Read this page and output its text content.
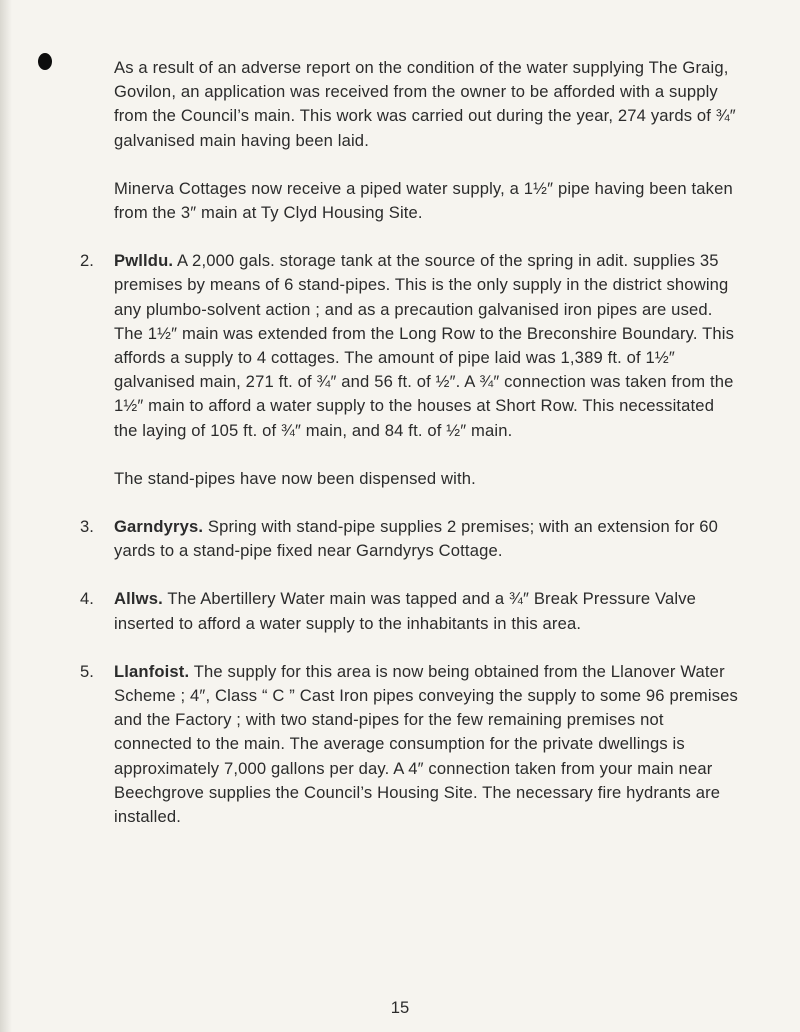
As a result of an adverse report on the condition of the water supplying The Graig, Govilon, an application was received from the owner to be afforded with a supply from the Council’s main. This work was carried out during the year, 274 yards of ¾″ galvanised main having been laid.

Minerva Cottages now receive a piped water supply, a 1½″ pipe having been taken from the 3″ main at Ty Clyd Housing Site.

2. Pwlldu. A 2,000 gals. storage tank at the source of the spring in adit. supplies 35 premises by means of 6 stand-pipes. This is the only supply in the district showing any plumbo-solvent action ; and as a precaution galvanised iron pipes are used. The 1½″ main was extended from the Long Row to the Breconshire Boundary. This affords a supply to 4 cottages. The amount of pipe laid was 1,389 ft. of 1½″ galvanised main, 271 ft. of ¾″ and 56 ft. of ½″. A ¾″ connection was taken from the 1½″ main to afford a water supply to the houses at Short Row. This necessitated the laying of 105 ft. of ¾″ main, and 84 ft. of ½″ main.

The stand-pipes have now been dispensed with.

3. Garndyrys. Spring with stand-pipe supplies 2 premises; with an extension for 60 yards to a stand-pipe fixed near Garndyrys Cottage.

4. Allws. The Abertillery Water main was tapped and a ¾″ Break Pressure Valve inserted to afford a water supply to the inhabitants in this area.

5. Llanfoist. The supply for this area is now being obtained from the Llanover Water Scheme ; 4″, Class “ C ” Cast Iron pipes conveying the supply to some 96 premises and the Factory ; with two stand-pipes for the few remaining premises not connected to the main. The average consumption for the private dwellings is approximately 7,000 gallons per day. A 4″ connection taken from your main near Beechgrove supplies the Council’s Housing Site. The necessary fire hydrants are installed.

15
